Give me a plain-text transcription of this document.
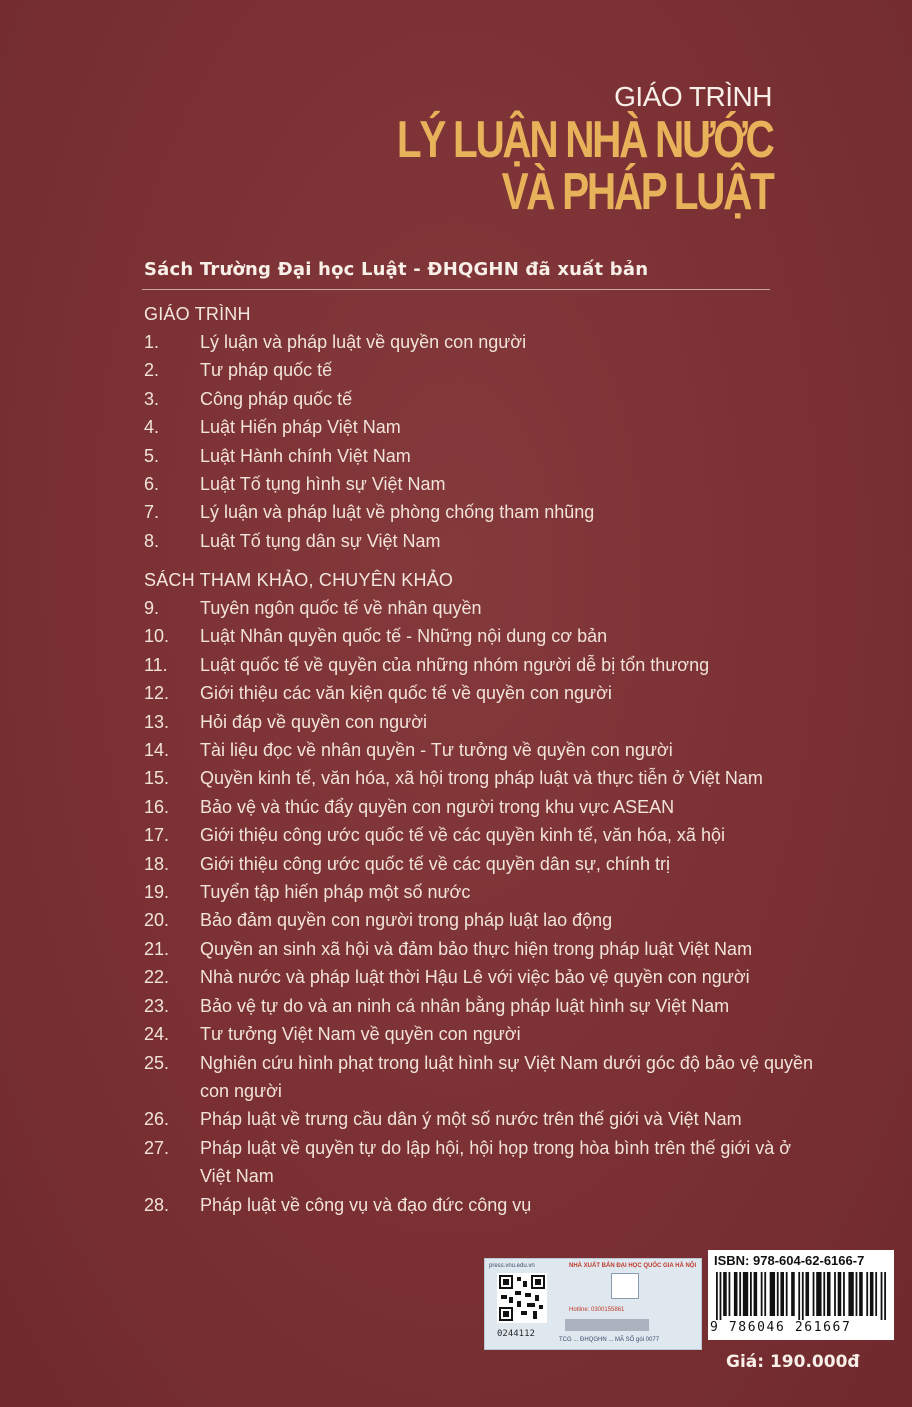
GIÁO TRÌNH
LÝ LUẬN NHÀ NƯỚC
VÀ PHÁP LUẬT
Sách Trường Đại học Luật - ĐHQGHN đã xuất bản
GIÁO TRÌNH
1.	Lý luận và pháp luật về quyền con người
2.	Tư pháp quốc tế
3.	Công pháp quốc tế
4.	Luật Hiến pháp Việt Nam
5.	Luật Hành chính Việt Nam
6.	Luật Tố tụng hình sự Việt Nam
7.	Lý luận và pháp luật về phòng chống tham nhũng
8.	Luật Tố tụng dân sự Việt Nam
SÁCH THAM KHẢO, CHUYÊN KHẢO
9.	Tuyên ngôn quốc tế về nhân quyền
10.	Luật Nhân quyền quốc tế - Những nội dung cơ bản
11.	Luật quốc tế về quyền của những nhóm người dễ bị tổn thương
12.	Giới thiệu các văn kiện quốc tế về quyền con người
13.	Hỏi đáp về quyền con người
14.	Tài liệu đọc về nhân quyền - Tư tưởng về quyền con người
15.	Quyền kinh tế, văn hóa, xã hội trong pháp luật và thực tiễn ở Việt Nam
16.	Bảo vệ và thúc đẩy quyền con người trong khu vực ASEAN
17.	Giới thiệu công ước quốc tế về các quyền kinh tế, văn hóa, xã hội
18.	Giới thiệu công ước quốc tế về các quyền dân sự, chính trị
19.	Tuyển tập hiến pháp một số nước
20.	Bảo đảm quyền con người trong pháp luật lao động
21.	Quyền an sinh xã hội và đảm bảo thực hiện trong pháp luật Việt Nam
22.	Nhà nước và pháp luật thời Hậu Lê với việc bảo vệ quyền con người
23.	Bảo vệ tự do và an ninh cá nhân bằng pháp luật hình sự Việt Nam
24.	Tư tưởng Việt Nam về quyền con người
25.	Nghiên cứu hình phạt trong luật hình sự Việt Nam dưới góc độ bảo vệ quyền con người
26.	Pháp luật về trưng cầu dân ý một số nước trên thế giới và Việt Nam
27.	Pháp luật về quyền tự do lập hội, hội họp trong hòa bình trên thế giới và ở Việt Nam
28.	Pháp luật về công vụ và đạo đức công vụ
press.vnu.edu.vn	NHÀ XUẤT BẢN ĐẠI HỌC QUỐC GIA HÀ NỘI
0244112
Hotline: 0300155861
TCG ... ĐHQGHN ... MÃ SỐ gói 0077
ISBN: 978-604-62-6166-7
9 786046 261667
Giá: 190.000đ
